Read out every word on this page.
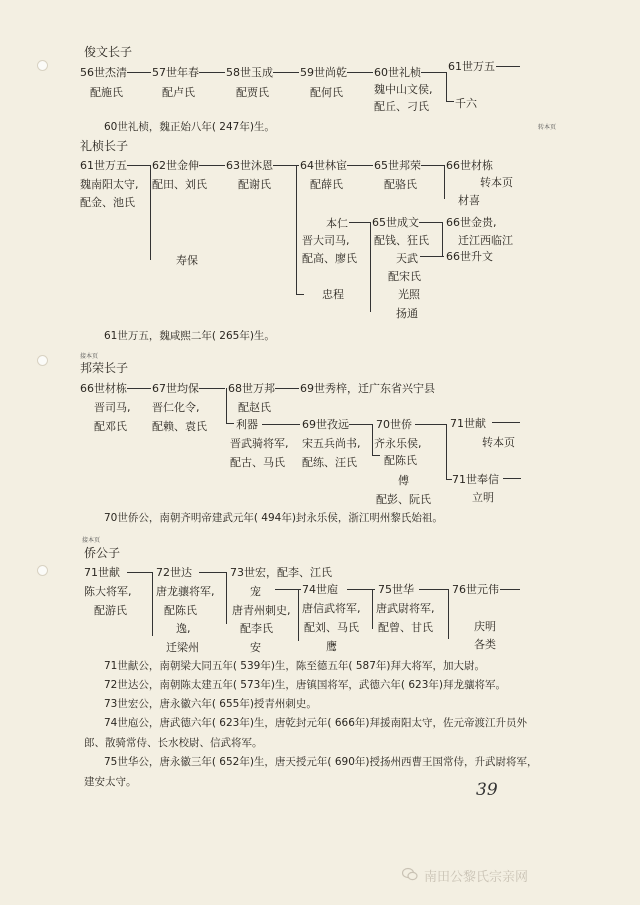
俊文长子
56世杰清
配施氏
57世年春
配卢氏
58世玉成
配贾氏
59世尚乾
配何氏
60世礼桢
魏中山文侯,
配丘、刁氏
61世万五
千六
转本页
60世礼桢，魏正始八年( 247年)生。
礼桢长子
61世万五
魏南阳太守,
配金、池氏
62世金伸
配田、刘氏
寿保
63世沐恩
配谢氏
64世林宦
配薛氏
65世邦荣
配骆氏
66世材栋
转本页
材喜
本仁
晋大司马,
配高、廖氏
65世成文
配钱、狂氏
66世金贵,
迁江西临江
天武	66世升文
配宋氏
光照
扬通
忠程
61世万五，魏咸熙二年( 265年)生。
接本页
邦荣长子
66世材栋
晋司马,
配邓氏
67世均保
晋仁化令,
配赖、袁氏
68世万邦
配赵氏
利器
晋武骑将军,
配古、马氏
69世秀梓，迁广东省兴宁县
69世孜远
宋五兵尚书,
配练、汪氏
70世侨
齐永乐侯,
配陈氏
傅
配彭、阮氏
71世献
转本页
71世奉信
立明
70世侨公，南朝齐明帝建武元年( 494年)封永乐侯，浙江明州黎氏始祖。
接本页
侨公子
71世献
陈大将军,
配游氏
72世达
唐龙骧将军,
配陈氏
逸,
迁梁州
73世宏，配李、江氏
宠
唐青州刺史,
配李氏
安
74世庖
唐信武将军,
配刘、马氏
鹰
75世华
唐武尉将军,
配曾、甘氏
76世元伟
庆明
各类
71世献公，南朝梁大同五年( 539年)生，陈至德五年( 587年)拜大将军，加大尉。
72世达公，南朝陈太建五年( 573年)生，唐镇国将军，武德六年( 623年)拜龙骧将军。
73世宏公，唐永徽六年( 655年)授青州刺史。
74世庖公，唐武德六年( 623年)生，唐乾封元年( 666年)拜援南阳太守，佐元帝渡江升员外
郎、散骑常侍、长水校尉、信武将军。
75世华公，唐永徽三年( 652年)生，唐天授元年( 690年)授扬州西曹王国常侍，升武尉将军，
建安太守。	39
南田公黎氏宗亲网
